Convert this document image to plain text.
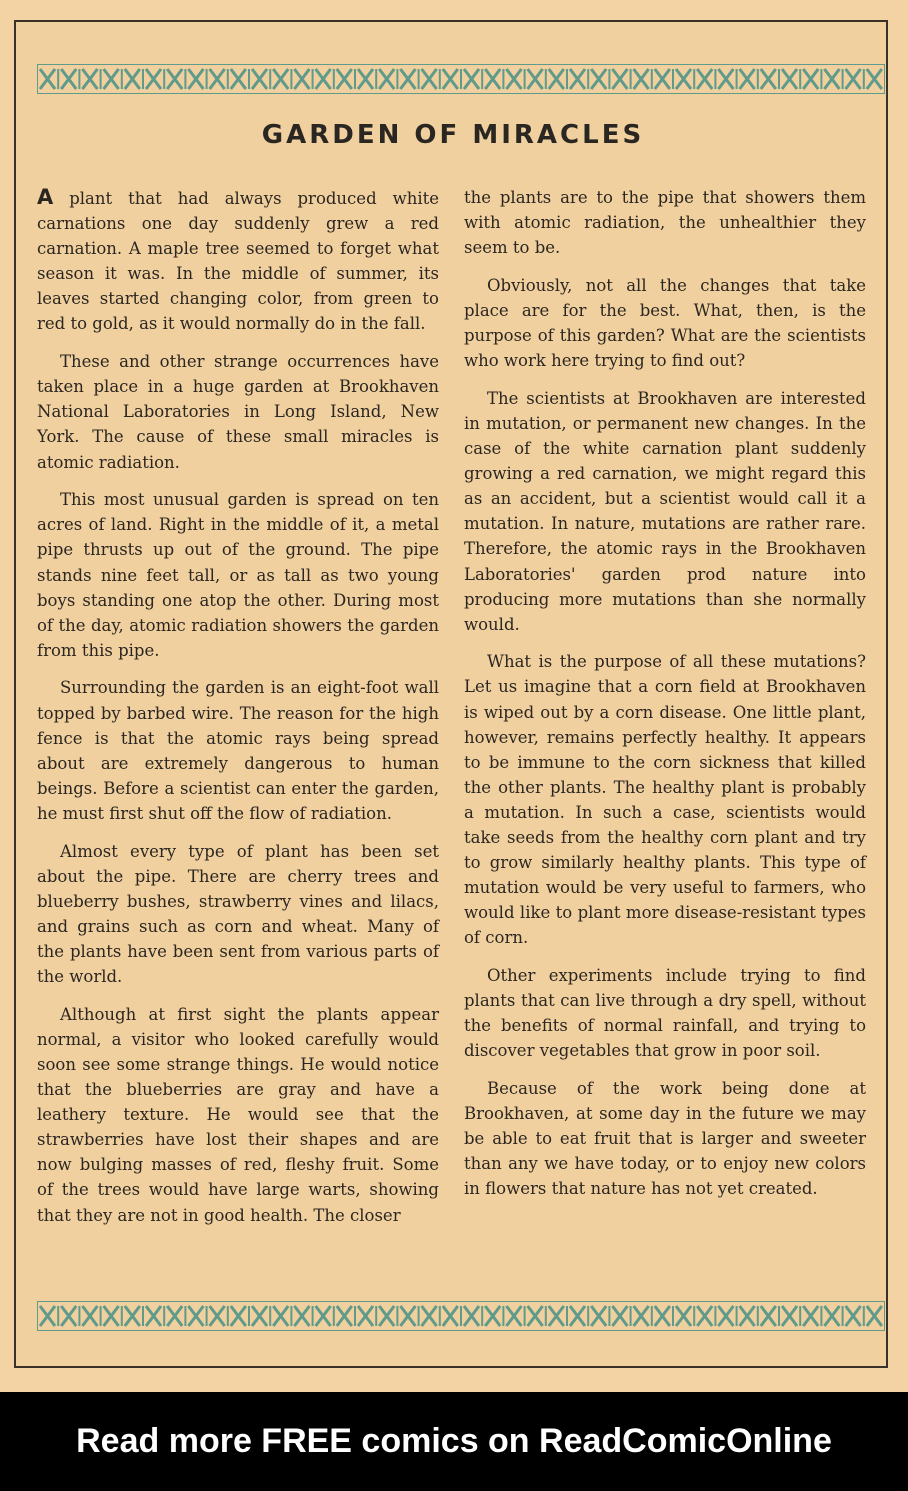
GARDEN OF MIRACLES

A plant that had always produced white carnations one day suddenly grew a red carnation. A maple tree seemed to forget what season it was. In the middle of summer, its leaves started changing color, from green to red to gold, as it would normally do in the fall.

These and other strange occurrences have taken place in a huge garden at Brookhaven National Laboratories in Long Island, New York. The cause of these small miracles is atomic radiation.

This most unusual garden is spread on ten acres of land. Right in the middle of it, a metal pipe thrusts up out of the ground. The pipe stands nine feet tall, or as tall as two young boys standing one atop the other. During most of the day, atomic radiation showers the garden from this pipe.

Surrounding the garden is an eight-foot wall topped by barbed wire. The reason for the high fence is that the atomic rays being spread about are extremely dangerous to human beings. Before a scientist can enter the garden, he must first shut off the flow of radiation.

Almost every type of plant has been set about the pipe. There are cherry trees and blueberry bushes, strawberry vines and lilacs, and grains such as corn and wheat. Many of the plants have been sent from various parts of the world.

Although at first sight the plants appear normal, a visitor who looked carefully would soon see some strange things. He would notice that the blueberries are gray and have a leathery texture. He would see that the strawberries have lost their shapes and are now bulging masses of red, fleshy fruit. Some of the trees would have large warts, showing that they are not in good health. The closer

the plants are to the pipe that showers them with atomic radiation, the unhealthier they seem to be.

Obviously, not all the changes that take place are for the best. What, then, is the purpose of this garden? What are the scientists who work here trying to find out?

The scientists at Brookhaven are interested in mutation, or permanent new changes. In the case of the white carnation plant suddenly growing a red carnation, we might regard this as an accident, but a scientist would call it a mutation. In nature, mutations are rather rare. Therefore, the atomic rays in the Brookhaven Laboratories' garden prod nature into producing more mutations than she normally would.

What is the purpose of all these mutations? Let us imagine that a corn field at Brookhaven is wiped out by a corn disease. One little plant, however, remains perfectly healthy. It appears to be immune to the corn sickness that killed the other plants. The healthy plant is probably a mutation. In such a case, scientists would take seeds from the healthy corn plant and try to grow similarly healthy plants. This type of mutation would be very useful to farmers, who would like to plant more disease-resistant types of corn.

Other experiments include trying to find plants that can live through a dry spell, without the benefits of normal rainfall, and trying to discover vegetables that grow in poor soil.

Because of the work being done at Brookhaven, at some day in the future we may be able to eat fruit that is larger and sweeter than any we have today, or to enjoy new colors in flowers that nature has not yet created.

Read more FREE comics on ReadComicOnline
